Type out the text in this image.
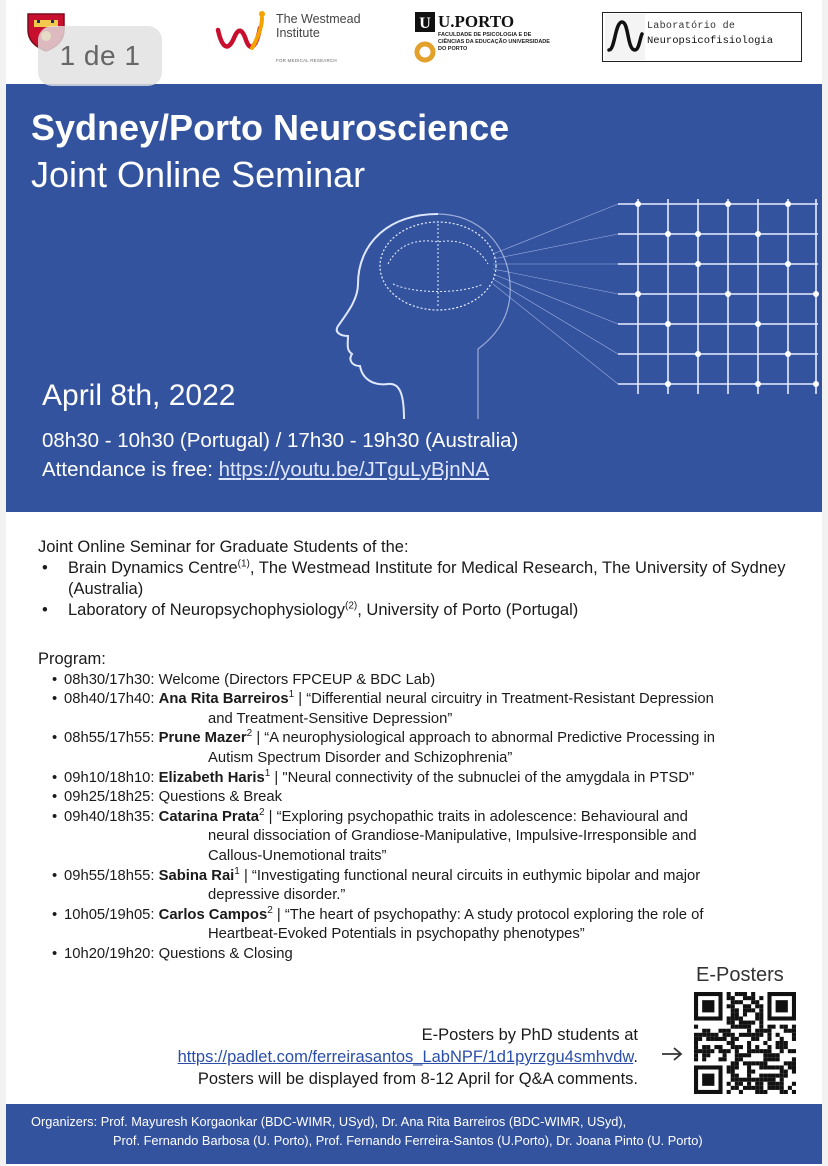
The Westmead Institute
FOR MEDICAL RESEARCH
U U.PORTO
FACULDADE DE PSICOLOGIA E DE CIÊNCIAS DA EDUCAÇÃO UNIVERSIDADE DO PORTO
Laboratório de
Neuropsicofisiologia
Sydney/Porto Neuroscience
Joint Online Seminar
April 8th, 2022
08h30 - 10h30 (Portugal) / 17h30 - 19h30 (Australia)
Attendance is free: https://youtu.be/JTguLyBjnNA
Joint Online Seminar for Graduate Students of the:
• Brain Dynamics Centre$^{(1)}$, The Westmead Institute for Medical Research, The University of Sydney (Australia)
• Laboratory of Neuropsychophysiology$^{(2)}$, University of Porto (Portugal)
Program:
• 08h30/17h30: Welcome (Directors FPCEUP & BDC Lab)
• 08h40/17h40: Ana Rita Barreiros$^1$ | “Differential neural circuitry in Treatment-Resistant Depression
and Treatment-Sensitive Depression”
• 08h55/17h55: Prune Mazer$^2$ | “A neurophysiological approach to abnormal Predictive Processing in
Autism Spectrum Disorder and Schizophrenia”
• 09h10/18h10: Elizabeth Haris$^1$ | "Neural connectivity of the subnuclei of the amygdala in PTSD"
• 09h25/18h25: Questions & Break
• 09h40/18h35: Catarina Prata$^2$ | “Exploring psychopathic traits in adolescence: Behavioural and
neural dissociation of Grandiose-Manipulative, Impulsive-Irresponsible and
Callous-Unemotional traits”
• 09h55/18h55: Sabina Rai$^1$ | “Investigating functional neural circuits in euthymic bipolar and major
depressive disorder.”
• 10h05/19h05: Carlos Campos$^2$ | “The heart of psychopathy: A study protocol exploring the role of
Heartbeat-Evoked Potentials in psychopathy phenotypes”
• 10h20/19h20: Questions & Closing
E-Posters
E-Posters by PhD students at
https://padlet.com/ferreirasantos_LabNPF/1d1pyrzgu4smhvdw.
Posters will be displayed from 8-12 April for Q&A comments.
Organizers: Prof. Mayuresh Korgaonkar (BDC-WIMR, USyd), Dr. Ana Rita Barreiros (BDC-WIMR, USyd),
Prof. Fernando Barbosa (U. Porto), Prof. Fernando Ferreira-Santos (U.Porto), Dr. Joana Pinto (U. Porto)
1 de 1
